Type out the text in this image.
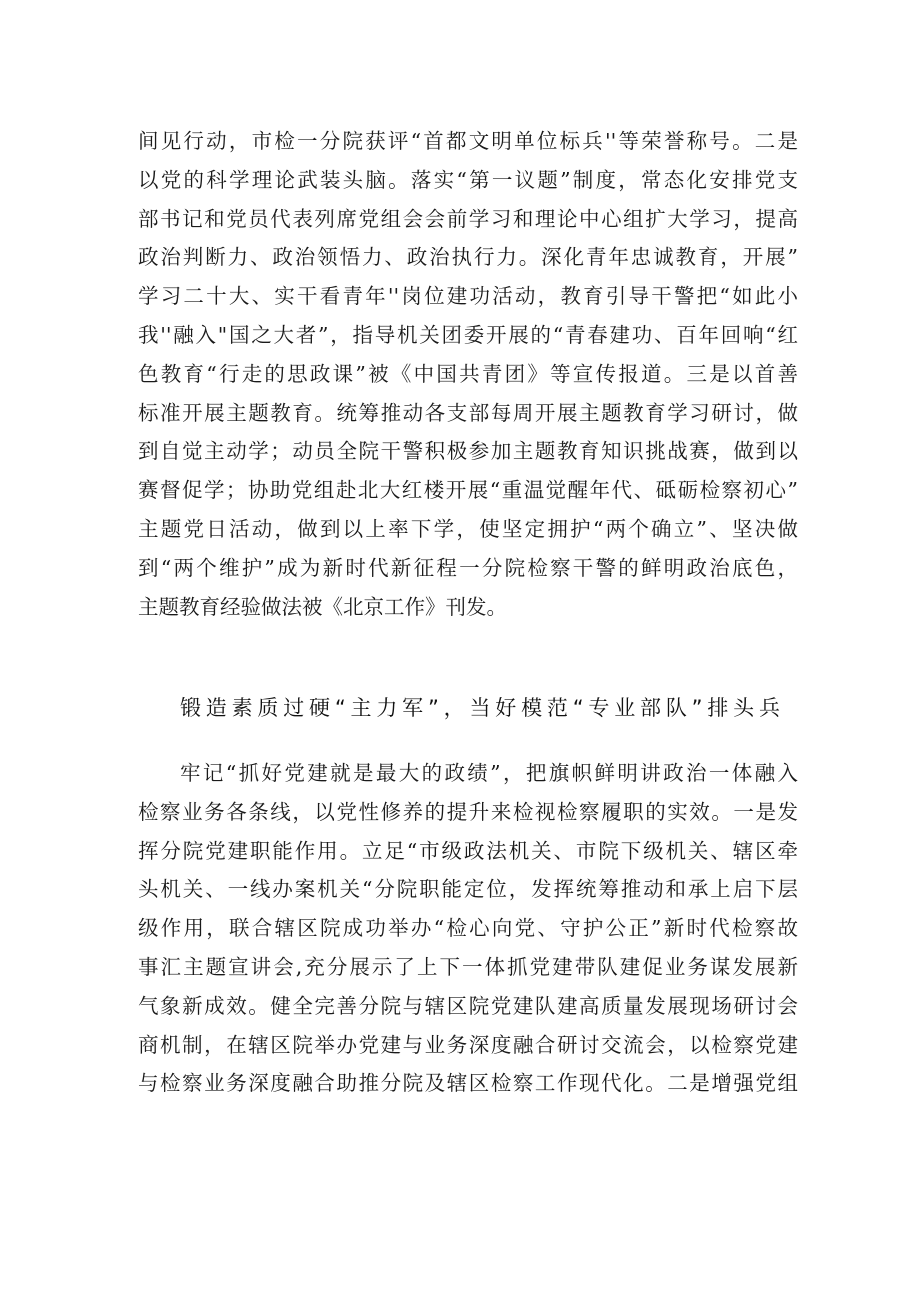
间见行动，市检一分院获评“首都文明单位标兵''等荣誉称号。二是
以党的科学理论武装头脑。落实“第一议题”制度，常态化安排党支
部书记和党员代表列席党组会会前学习和理论中心组扩大学习，提高
政治判断力、政治领悟力、政治执行力。深化青年忠诚教育，开展”
学习二十大、实干看青年''岗位建功活动，教育引导干警把“如此小
我''融入"国之大者”，指导机关团委开展的“青春建功、百年回响“红
色教育“行走的思政课”被《中国共青团》等宣传报道。三是以首善
标准开展主题教育。统筹推动各支部每周开展主题教育学习研讨，做
到自觉主动学；动员全院干警积极参加主题教育知识挑战赛，做到以
赛督促学；协助党组赴北大红楼开展“重温觉醒年代、砥砺检察初心”
主题党日活动，做到以上率下学，使坚定拥护“两个确立”、坚决做
到“两个维护”成为新时代新征程一分院检察干警的鲜明政治底色，
主题教育经验做法被《北京工作》刊发。
锻造素质过硬“主力军”，当好模范“专业部队”排头兵
牢记“抓好党建就是最大的政绩”，把旗帜鲜明讲政治一体融入
检察业务各条线，以党性修养的提升来检视检察履职的实效。一是发
挥分院党建职能作用。立足“市级政法机关、市院下级机关、辖区牵
头机关、一线办案机关“分院职能定位，发挥统筹推动和承上启下层
级作用，联合辖区院成功举办“检心向党、守护公正”新时代检察故
事汇主题宣讲会,充分展示了上下一体抓党建带队建促业务谋发展新
气象新成效。健全完善分院与辖区院党建队建高质量发展现场研讨会
商机制，在辖区院举办党建与业务深度融合研讨交流会，以检察党建
与检察业务深度融合助推分院及辖区检察工作现代化。二是增强党组
